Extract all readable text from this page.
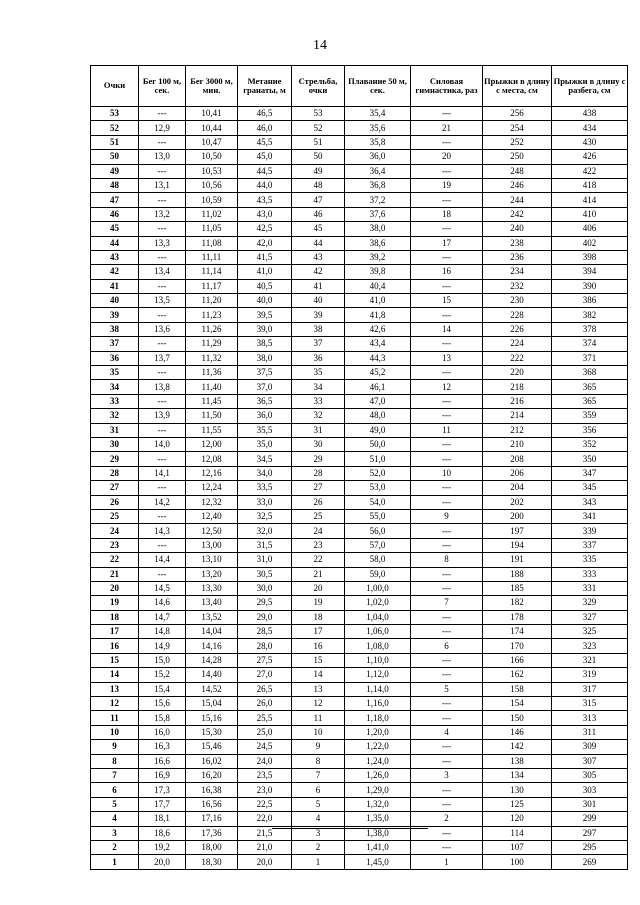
14
Очки	Бег 100 м, сек.	Бег 3000 м, мин.	Метание гранаты, м	Стрельба, очки	Плавание 50 м, сек.	Силовая гимнастика, раз	Прыжки в длину с места, см	Прыжки в длину с разбега, см
53	---	10,41	46,5	53	35,4	---	256	438
52	12,9	10,44	46,0	52	35,6	21	254	434
51	---	10,47	45,5	51	35,8	---	252	430
50	13,0	10,50	45,0	50	36,0	20	250	426
49	---	10,53	44,5	49	36,4	---	248	422
48	13,1	10,56	44,0	48	36,8	19	246	418
47	---	10,59	43,5	47	37,2	---	244	414
46	13,2	11,02	43,0	46	37,6	18	242	410
45	---	11,05	42,5	45	38,0	---	240	406
44	13,3	11,08	42,0	44	38,6	17	238	402
43	---	11,11	41,5	43	39,2	---	236	398
42	13,4	11,14	41,0	42	39,8	16	234	394
41	---	11,17	40,5	41	40,4	---	232	390
40	13,5	11,20	40,0	40	41,0	15	230	386
39	---	11,23	39,5	39	41,8	---	228	382
38	13,6	11,26	39,0	38	42,6	14	226	378
37	---	11,29	38,5	37	43,4	---	224	374
36	13,7	11,32	38,0	36	44,3	13	222	371
35	---	11,36	37,5	35	45,2	---	220	368
34	13,8	11,40	37,0	34	46,1	12	218	365
33	---	11,45	36,5	33	47,0	---	216	365
32	13,9	11,50	36,0	32	48,0	---	214	359
31	---	11,55	35,5	31	49,0	11	212	356
30	14,0	12,00	35,0	30	50,0	---	210	352
29	---	12,08	34,5	29	51,0	---	208	350
28	14,1	12,16	34,0	28	52,0	10	206	347
27	---	12,24	33,5	27	53,0	---	204	345
26	14,2	12,32	33,0	26	54,0	---	202	343
25	---	12,40	32,5	25	55,0	9	200	341
24	14,3	12,50	32,0	24	56,0	---	197	339
23	---	13,00	31,5	23	57,0	---	194	337
22	14,4	13,10	31,0	22	58,0	8	191	335
21	---	13,20	30,5	21	59,0	---	188	333
20	14,5	13,30	30,0	20	1,00,0	---	185	331
19	14,6	13,40	29,5	19	1,02,0	7	182	329
18	14,7	13,52	29,0	18	1,04,0	---	178	327
17	14,8	14,04	28,5	17	1,06,0	---	174	325
16	14,9	14,16	28,0	16	1,08,0	6	170	323
15	15,0	14,28	27,5	15	1,10,0	---	166	321
14	15,2	14,40	27,0	14	1,12,0	---	162	319
13	15,4	14,52	26,5	13	1,14,0	5	158	317
12	15,6	15,04	26,0	12	1,16,0	---	154	315
11	15,8	15,16	25,5	11	1,18,0	---	150	313
10	16,0	15,30	25,0	10	1,20,0	4	146	311
9	16,3	15,46	24,5	9	1,22,0	---	142	309
8	16,6	16,02	24,0	8	1,24,0	---	138	307
7	16,9	16,20	23,5	7	1,26,0	3	134	305
6	17,3	16,38	23,0	6	1,29,0	---	130	303
5	17,7	16,56	22,5	5	1,32,0	---	125	301
4	18,1	17,16	22,0	4	1,35,0	2	120	299
3	18,6	17,36	21,5	3	1,38,0	---	114	297
2	19,2	18,00	21,0	2	1,41,0	---	107	295
1	20,0	18,30	20,0	1	1,45,0	1	100	269
